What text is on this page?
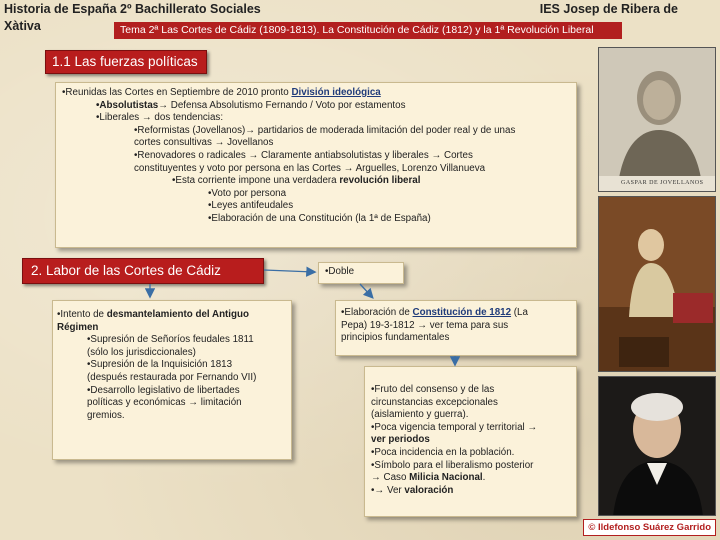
Historia de España 2º Bachillerato Sociales
Xàtiva
IES Josep de Ribera de
Tema 2ª Las Cortes de Cádiz (1809-1813). La Constitución de Cádiz (1812) y la 1ª Revolución Liberal
1.1 Las fuerzas políticas
•Reunidas las Cortes en Septiembre de 2010 pronto División ideológica
•Absolutistas→ Defensa Absolutismo Fernando / Voto por estamentos
•Liberales → dos tendencias:
•Reformistas (Jovellanos)→ partidarios de moderada limitación del poder real y de unas
cortes consultivas → Jovellanos
•Renovadores o radicales → Claramente antiabsolutistas y liberales → Cortes
constituyentes y voto por persona en las Cortes → Arguelles, Lorenzo Villanueva
•Esta corriente impone una verdadera revolución liberal
•Voto por persona
•Leyes antifeudales
•Elaboración de una Constitución (la 1ª de España)
2. Labor de las Cortes de Cádiz
•Intento de desmantelamiento del Antiguo
Régimen
•Supresión de Señoríos feudales 1811
(sólo los jurisdiccionales)
•Supresión de la Inquisición 1813
(después restaurada por Fernando VII)
•Desarrollo legislativo de libertades
políticas y económicas → limitación
gremios.
•Doble
•Elaboración de Constitución de 1812 (La
Pepa) 19-3-1812 → ver tema para sus
principios fundamentales
•Fruto del consenso y de las
circunstancias excepcionales
(aislamiento y guerra).
•Poca vigencia temporal y territorial →
ver periodos
•Poca incidencia en la población.
•Símbolo para el liberalismo posterior
→ Caso Milicia Nacional.
•→ Ver valoración
GASPAR DE JOVELLANOS
© Ildefonso Suárez Garrido
